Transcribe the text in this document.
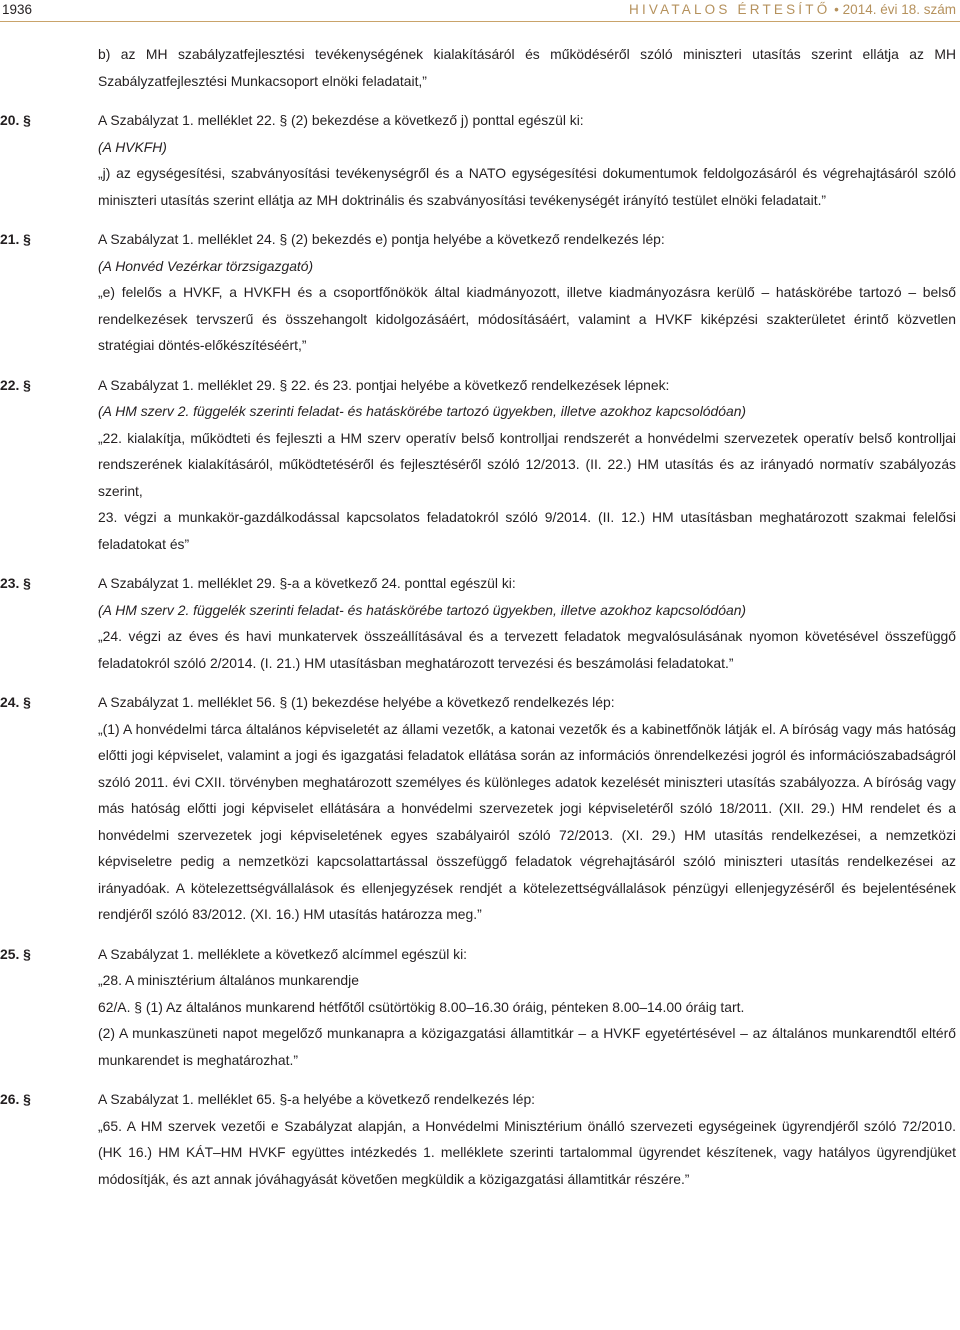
1936	HIVATALOS ÉRTESÍTŐ • 2014. évi 18. szám

b) az MH szabályzatfejlesztési tevékenységének kialakításáról és működéséről szóló miniszteri utasítás szerint ellátja az MH Szabályzatfejlesztési Munkacsoport elnöki feladatait,”

20. §	A Szabályzat 1. melléklet 22. § (2) bekezdése a következő j) ponttal egészül ki:

(A HVKFH)

„j) az egységesítési, szabványosítási tevékenységről és a NATO egységesítési dokumentumok feldolgozásáról és végrehajtásáról szóló miniszteri utasítás szerint ellátja az MH doktrinális és szabványosítási tevékenységét irányító testület elnöki feladatait.”

21. §	A Szabályzat 1. melléklet 24. § (2) bekezdés e) pontja helyébe a következő rendelkezés lép:

(A Honvéd Vezérkar törzsigazgató)

„e) felelős a HVKF, a HVKFH és a csoportfőnökök által kiadmányozott, illetve kiadmányozásra kerülő – hatáskörébe tartozó – belső rendelkezések tervszerű és összehangolt kidolgozásáért, módosításáért, valamint a HVKF kiképzési szakterületet érintő közvetlen stratégiai döntés-előkészítéséért,”

22. §	A Szabályzat 1. melléklet 29. § 22. és 23. pontjai helyébe a következő rendelkezések lépnek:

(A HM szerv 2. függelék szerinti feladat- és hatáskörébe tartozó ügyekben, illetve azokhoz kapcsolódóan)

„22. kialakítja, működteti és fejleszti a HM szerv operatív belső kontrolljai rendszerét a honvédelmi szervezetek operatív belső kontrolljai rendszerének kialakításáról, működtetéséről és fejlesztéséről szóló 12/2013. (II. 22.) HM utasítás és az irányadó normatív szabályozás szerint,

23. végzi a munkakör-gazdálkodással kapcsolatos feladatokról szóló 9/2014. (II. 12.) HM utasításban meghatározott szakmai felelősi feladatokat és”

23. §	A Szabályzat 1. melléklet 29. §-a a következő 24. ponttal egészül ki:

(A HM szerv 2. függelék szerinti feladat- és hatáskörébe tartozó ügyekben, illetve azokhoz kapcsolódóan)

„24. végzi az éves és havi munkatervek összeállításával és a tervezett feladatok megvalósulásának nyomon követésével összefüggő feladatokról szóló 2/2014. (I. 21.) HM utasításban meghatározott tervezési és beszámolási feladatokat.”

24. §	A Szabályzat 1. melléklet 56. § (1) bekezdése helyébe a következő rendelkezés lép:

„(1) A honvédelmi tárca általános képviseletét az állami vezetők, a katonai vezetők és a kabinetfőnök látják el. A bíróság vagy más hatóság előtti jogi képviselet, valamint a jogi és igazgatási feladatok ellátása során az információs önrendelkezési jogról és információszabadságról szóló 2011. évi CXII. törvényben meghatározott személyes és különleges adatok kezelését miniszteri utasítás szabályozza. A bíróság vagy más hatóság előtti jogi képviselet ellátására a honvédelmi szervezetek jogi képviseletéről szóló 18/2011. (XII. 29.) HM rendelet és a honvédelmi szervezetek jogi képviseletének egyes szabályairól szóló 72/2013. (XI. 29.) HM utasítás rendelkezései, a nemzetközi képviseletre pedig a nemzetközi kapcsolattartással összefüggő feladatok végrehajtásáról szóló miniszteri utasítás rendelkezései az irányadóak. A kötelezettségvállalások és ellenjegyzések rendjét a kötelezettségvállalások pénzügyi ellenjegyzéséről és bejelentésének rendjéről szóló 83/2012. (XI. 16.) HM utasítás határozza meg.”

25. §	A Szabályzat 1. melléklete a következő alcímmel egészül ki:

„28. A minisztérium általános munkarendje

62/A. § (1) Az általános munkarend hétfőtől csütörtökig 8.00–16.30 óráig, pénteken 8.00–14.00 óráig tart.

(2) A munkaszüneti napot megelőző munkanapra a közigazgatási államtitkár – a HVKF egyetértésével – az általános munkarendtől eltérő munkarendet is meghatározhat.”

26. §	A Szabályzat 1. melléklet 65. §-a helyébe a következő rendelkezés lép:

„65. A HM szervek vezetői e Szabályzat alapján, a Honvédelmi Minisztérium önálló szervezeti egységeinek ügyrendjéről szóló 72/2010. (HK 16.) HM KÁT–HM HVKF együttes intézkedés 1. melléklete szerinti tartalommal ügyrendet készítenek, vagy hatályos ügyrendjüket módosítják, és azt annak jóváhagyását követően megküldik a közigazgatási államtitkár részére.”
